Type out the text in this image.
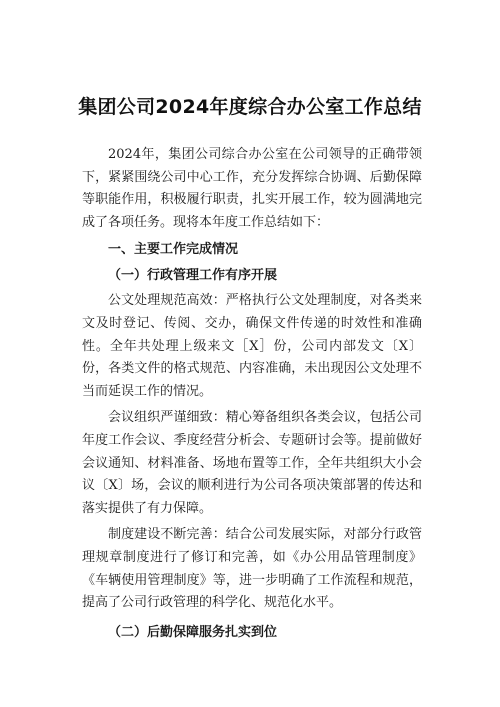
集团公司2024年度综合办公室工作总结

2024年，集团公司综合办公室在公司领导的正确带领下，紧紧围绕公司中心工作，充分发挥综合协调、后勤保障等职能作用，积极履行职责，扎实开展工作，较为圆满地完成了各项任务。现将本年度工作总结如下：

一、主要工作完成情况
（一）行政管理工作有序开展

公文处理规范高效：严格执行公文处理制度，对各类来文及时登记、传阅、交办，确保文件传递的时效性和准确性。全年共处理上级来文［X］份，公司内部发文〔X〕份，各类文件的格式规范、内容准确，未出现因公文处理不当而延误工作的情况。

会议组织严谨细致：精心筹备组织各类会议，包括公司年度工作会议、季度经营分析会、专题研讨会等。提前做好会议通知、材料准备、场地布置等工作，全年共组织大小会议〔X〕场，会议的顺利进行为公司各项决策部署的传达和落实提供了有力保障。

制度建设不断完善：结合公司发展实际，对部分行政管理规章制度进行了修订和完善，如《办公用品管理制度》《车辆使用管理制度》等，进一步明确了工作流程和规范，提高了公司行政管理的科学化、规范化水平。

（二）后勤保障服务扎实到位
